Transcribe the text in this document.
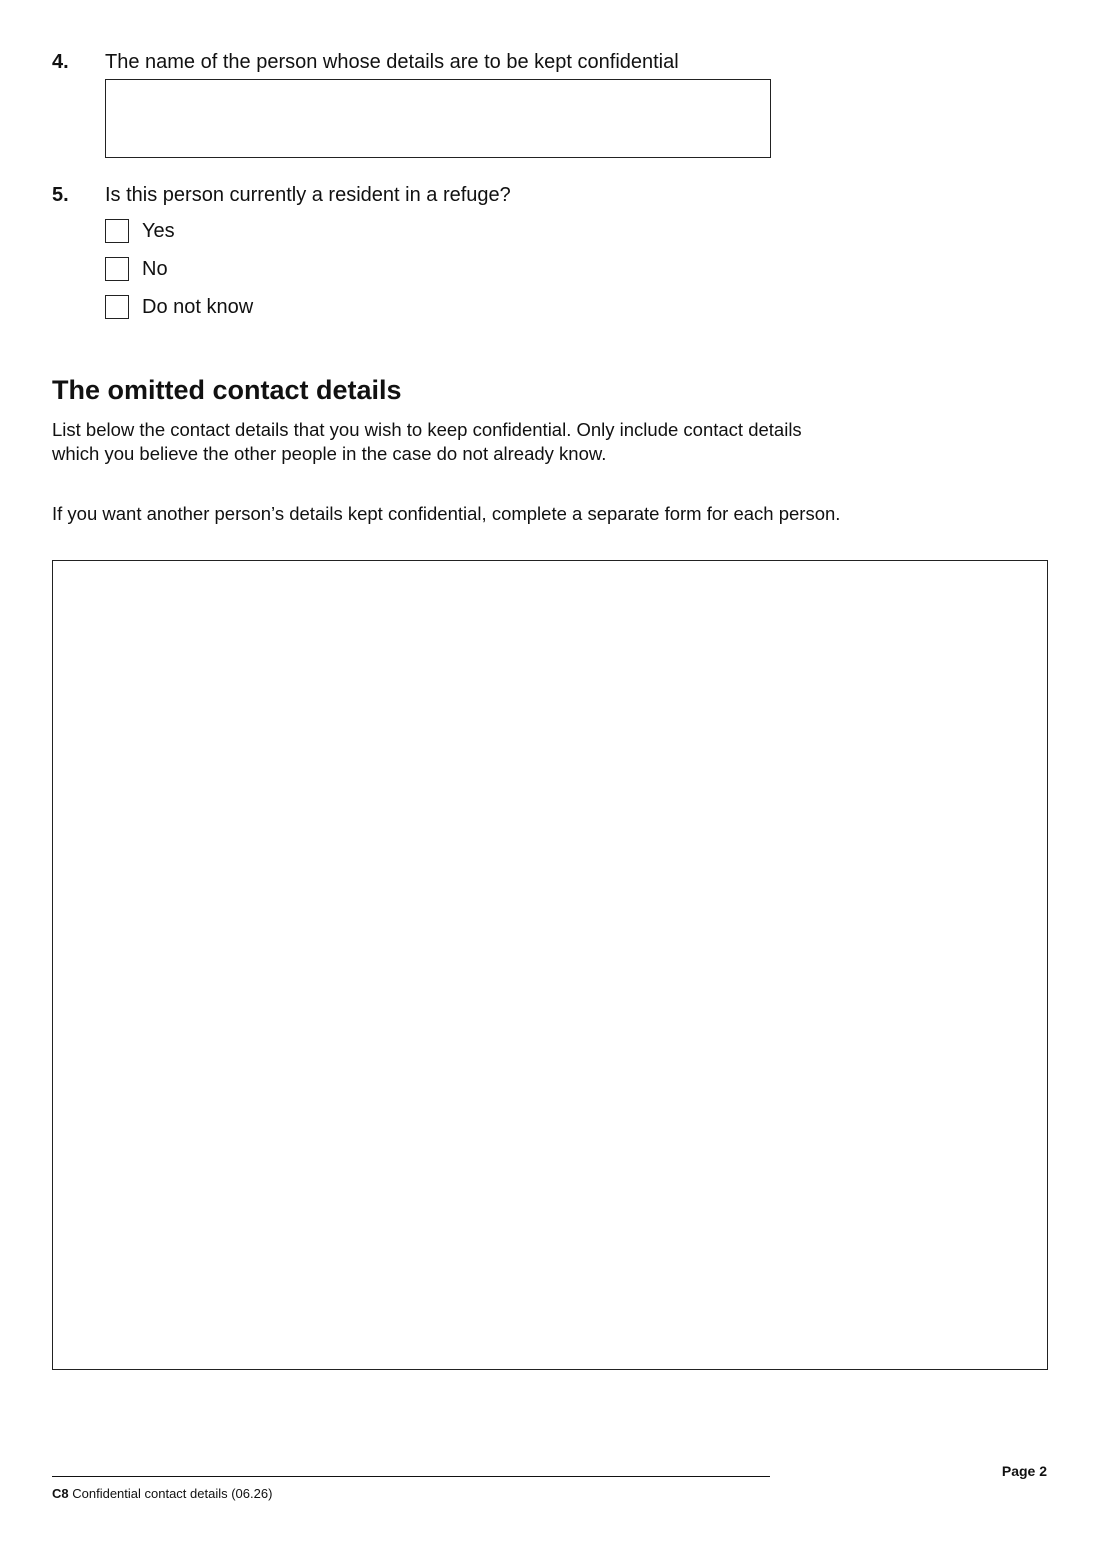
4. The name of the person whose details are to be kept confidential
5. Is this person currently a resident in a refuge?
Yes
No
Do not know
The omitted contact details
List below the contact details that you wish to keep confidential. Only include contact details which you believe the other people in the case do not already know.
If you want another person’s details kept confidential, complete a separate form for each person.
Page 2
C8 Confidential contact details (06.26)
